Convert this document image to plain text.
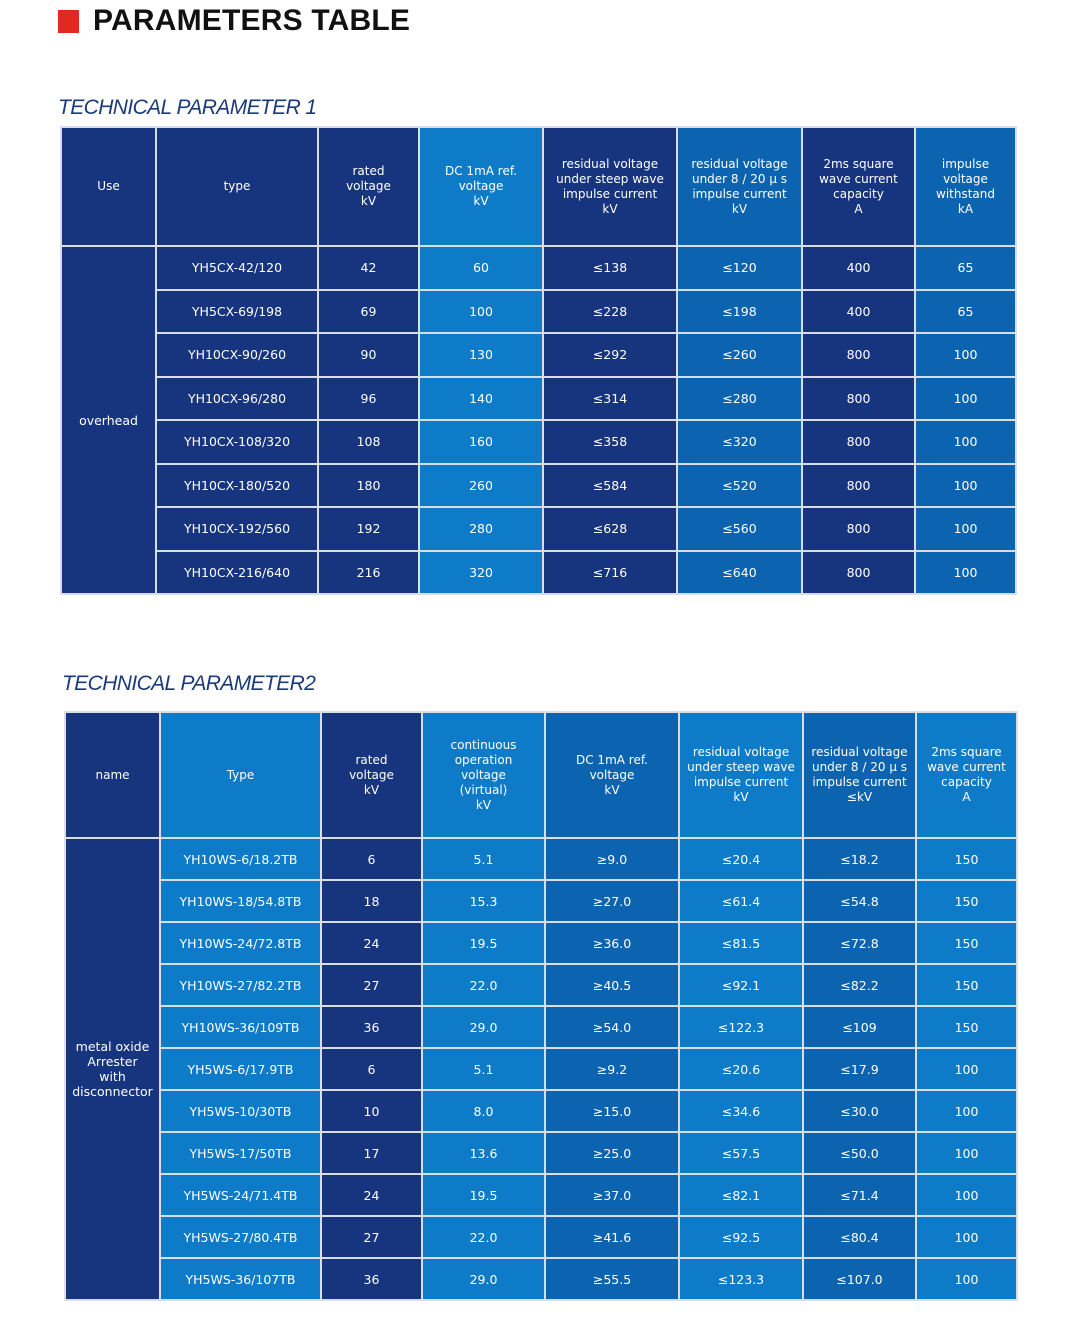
PARAMETERS TABLE
TECHNICAL PARAMETER 1
Use	type	rated
voltage
kV	DC 1mA ref.
voltage
kV	residual voltage
under steep wave
impulse current
kV	residual voltage
under 8 / 20 μ s
impulse current
kV	2ms square
wave current
capacity
A	impulse voltage
withstand
kA

overhead	YH5CX-42/120	42	60	≤138	≤120	400	65
	YH5CX-69/198	69	100	≤228	≤198	400	65
	YH10CX-90/260	90	130	≤292	≤260	800	100
	YH10CX-96/280	96	140	≤314	≤280	800	100
	YH10CX-108/320	108	160	≤358	≤320	800	100
	YH10CX-180/520	180	260	≤584	≤520	800	100
	YH10CX-192/560	192	280	≤628	≤560	800	100
	YH10CX-216/640	216	320	≤716	≤640	800	100
TECHNICAL PARAMETER2
name	Type	rated
voltage
kV	continuous
operation
voltage
(virtual)
kV	DC 1mA ref.
voltage
kV	residual voltage
under steep wave
impulse current
kV	residual voltage
under 8 / 20 μ s
impulse current
≤kV	2ms square
wave current
capacity
A

metal oxide
Arrester
with
disconnector	YH10WS-6/18.2TB	6	5.1	≥9.0	≤20.4	≤18.2	150
	YH10WS-18/54.8TB	18	15.3	≥27.0	≤61.4	≤54.8	150
	YH10WS-24/72.8TB	24	19.5	≥36.0	≤81.5	≤72.8	150
	YH10WS-27/82.2TB	27	22.0	≥40.5	≤92.1	≤82.2	150
	YH10WS-36/109TB	36	29.0	≥54.0	≤122.3	≤109	150
	YH5WS-6/17.9TB	6	5.1	≥9.2	≤20.6	≤17.9	100
	YH5WS-10/30TB	10	8.0	≥15.0	≤34.6	≤30.0	100
	YH5WS-17/50TB	17	13.6	≥25.0	≤57.5	≤50.0	100
	YH5WS-24/71.4TB	24	19.5	≥37.0	≤82.1	≤71.4	100
	YH5WS-27/80.4TB	27	22.0	≥41.6	≤92.5	≤80.4	100
	YH5WS-36/107TB	36	29.0	≥55.5	≤123.3	≤107.0	100
